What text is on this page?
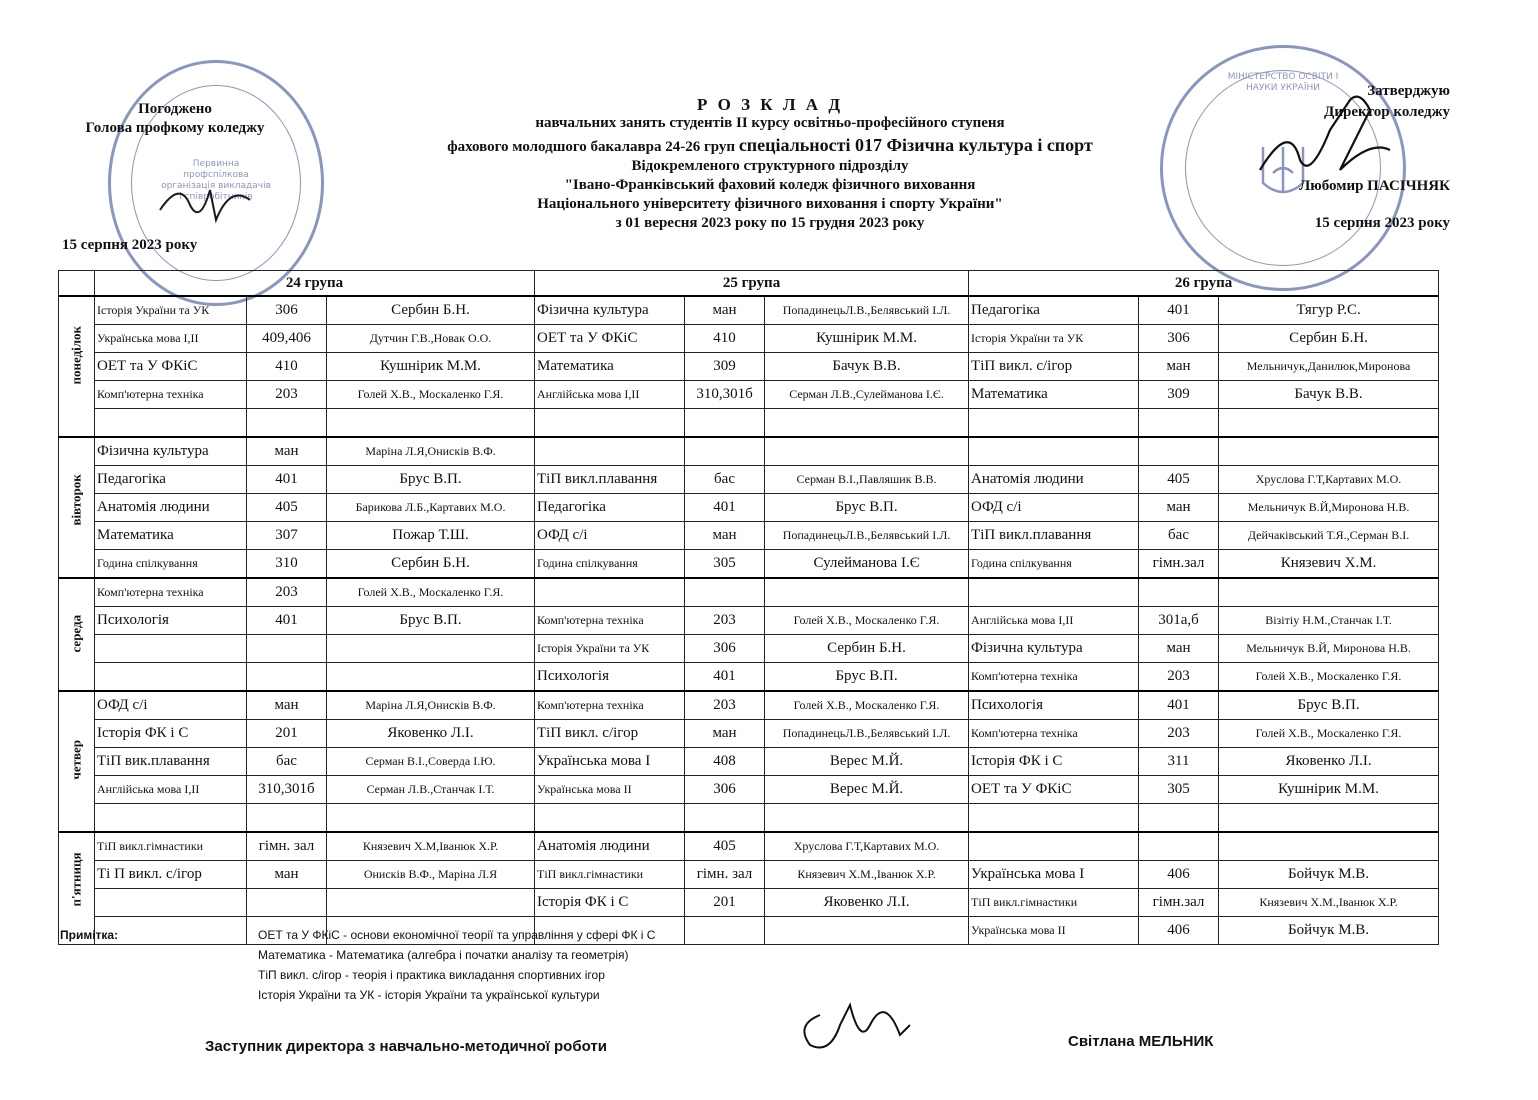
Первинна профспілкова організація викладачів і співробітників
МІНІСТЕРСТВО ОСВІТИ І НАУКИ УКРАЇНИ
Погоджено
Голова профкому коледжу
15 серпня 2023 року
Затверджую
Директор коледжу
Любомир ПАСІЧНЯК
15 серпня 2023 року
Р О З К Л А Д
навчальних занять студентів ІІ курсу освітньо-професійного ступеня
фахового молодшого бакалавра 24-26 груп спеціальності 017 Фізична культура і спорт
Відокремленого структурного підрозділу
"Івано-Франківський фаховий коледж фізичного виховання
Національного університету фізичного виховання і спорту України"
з 01 вересня 2023 року по 15 грудня 2023 року
	24 група			25 група			26 група		

понеділок	Історія України та УК	306	Сербин Б.Н.	Фізична культура	ман	ПопадинецьЛ.В.,Белявський І.Л.	Педагогіка	401	Тягур Р.С.
	Українська мова І,ІІ	409,406	Дутчин Г.В.,Новак О.О.	ОЕТ та У ФКіС	410	Кушнірик М.М.	Історія України та УК	306	Сербин Б.Н.
	ОЕТ та У ФКіС	410	Кушнірик М.М.	Математика	309	Бачук В.В.	ТіП викл. с/ігор	ман	Мельничук,Данилюк,Миронова
	Комп'ютерна техніка	203	Голей Х.В., Москаленко Г.Я.	Англійська мова І,ІІ	310,301б	Серман Л.В.,Сулейманова І.Є.	Математика	309	Бачук В.В.

вівторок	Фізична культура	ман	Маріна Л.Я,Онисків В.Ф.						
	Педагогіка	401	Брус В.П.	ТіП викл.плавання	бас	Серман В.І.,Павляшик В.В.	Анатомія людини	405	Хруслова Г.Т,Картавих М.О.
	Анатомія людини	405	Барикова Л.Б.,Картавих М.О.	Педагогіка	401	Брус В.П.	ОФД с/і	ман	Мельничук В.Й,Миронова Н.В.
	Математика	307	Пожар Т.Ш.	ОФД с/і	ман	ПопадинецьЛ.В.,Белявський І.Л.	ТіП викл.плавання	бас	Дейчаківський Т.Я.,Серман В.І.
	Година спілкування	310	Сербин Б.Н.	Година спілкування	305	Сулейманова І.Є	Година спілкування	гімн.зал	Князевич Х.М.

середа	Комп'ютерна техніка	203	Голей Х.В., Москаленко Г.Я.						
	Психологія	401	Брус В.П.	Комп'ютерна техніка	203	Голей Х.В., Москаленко Г.Я.	Англійська мова І,ІІ	301а,б	Візітіу Н.М.,Станчак І.Т.
				Історія України та УК	306	Сербин Б.Н.	Фізична культура	ман	Мельничук В.Й, Миронова Н.В.
				Психологія	401	Брус В.П.	Комп'ютерна техніка	203	Голей Х.В., Москаленко Г.Я.

четвер	ОФД с/і	ман	Маріна Л.Я,Онисків В.Ф.	Комп'ютерна техніка	203	Голей Х.В., Москаленко Г.Я.	Психологія	401	Брус В.П.
	Історія ФК і С	201	Яковенко Л.І.	ТіП викл. с/ігор	ман	ПопадинецьЛ.В.,Белявський І.Л.	Комп'ютерна техніка	203	Голей Х.В., Москаленко Г.Я.
	ТіП вик.плавання	бас	Серман В.І.,Соверда І.Ю.	Українська мова І	408	Верес М.Й.	Історія ФК і С	311	Яковенко Л.І.
	Англійська мова І,ІІ	310,301б	Серман Л.В.,Станчак І.Т.	Українська мова ІІ	306	Верес М.Й.	ОЕТ та У ФКіС	305	Кушнірик М.М.

п'ятниця	ТіП викл.гімнастики	гімн. зал	Князевич Х.М,Іванюк Х.Р.	Анатомія людини	405	Хруслова Г.Т,Картавих М.О.			
	Ті П викл. с/ігор	ман	Онисків В.Ф., Маріна Л.Я	ТіП викл.гімнастики	гімн. зал	Князевич Х.М.,Іванюк Х.Р.	Українська мова І	406	Бойчук М.В.
				Історія ФК і С	201	Яковенко Л.І.	ТіП викл.гімнастики	гімн.зал	Князевич Х.М.,Іванюк Х.Р.
							Українська мова ІІ	406	Бойчук М.В.
Примітка:	ОЕТ та У ФКіС - основи економічної теорії та управління у сфері ФК і С
Математика - Математика (алгебра і початки аналізу та геометрія)
ТіП викл. с/ігор - теорія і практика викладання спортивних ігор
Історія України та УК - історія України та української культури
Заступник директора з навчально-методичної роботи	Світлана МЕЛЬНИК
